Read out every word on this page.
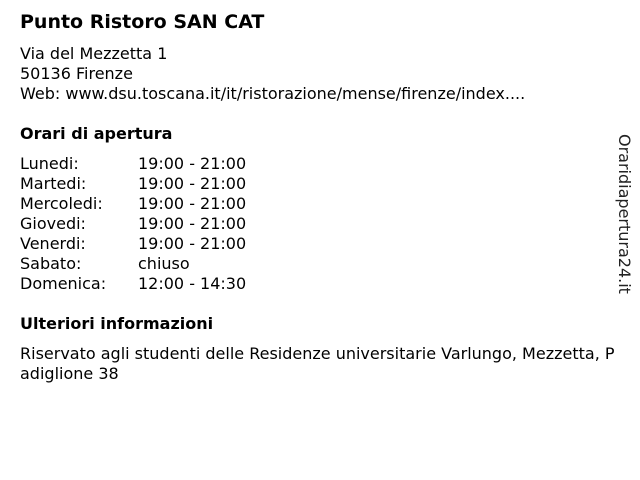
Punto Ristoro SAN CAT
Via del Mezzetta 1
50136 Firenze
Web: www.dsu.toscana.it/it/ristorazione/mense/firenze/index....
Orari di apertura
Lunedi:	19:00 - 21:00
Martedi:	19:00 - 21:00
Mercoledi: 19:00 - 21:00
Giovedi:	19:00 - 21:00
Venerdi:	19:00 - 21:00
Sabato:	chiuso
Domenica: 12:00 - 14:30
Ulteriori informazioni
Riservato agli studenti delle Residenze universitarie Varlungo, Mezzetta, Padiglione 38
Oraridiapertura24.it
